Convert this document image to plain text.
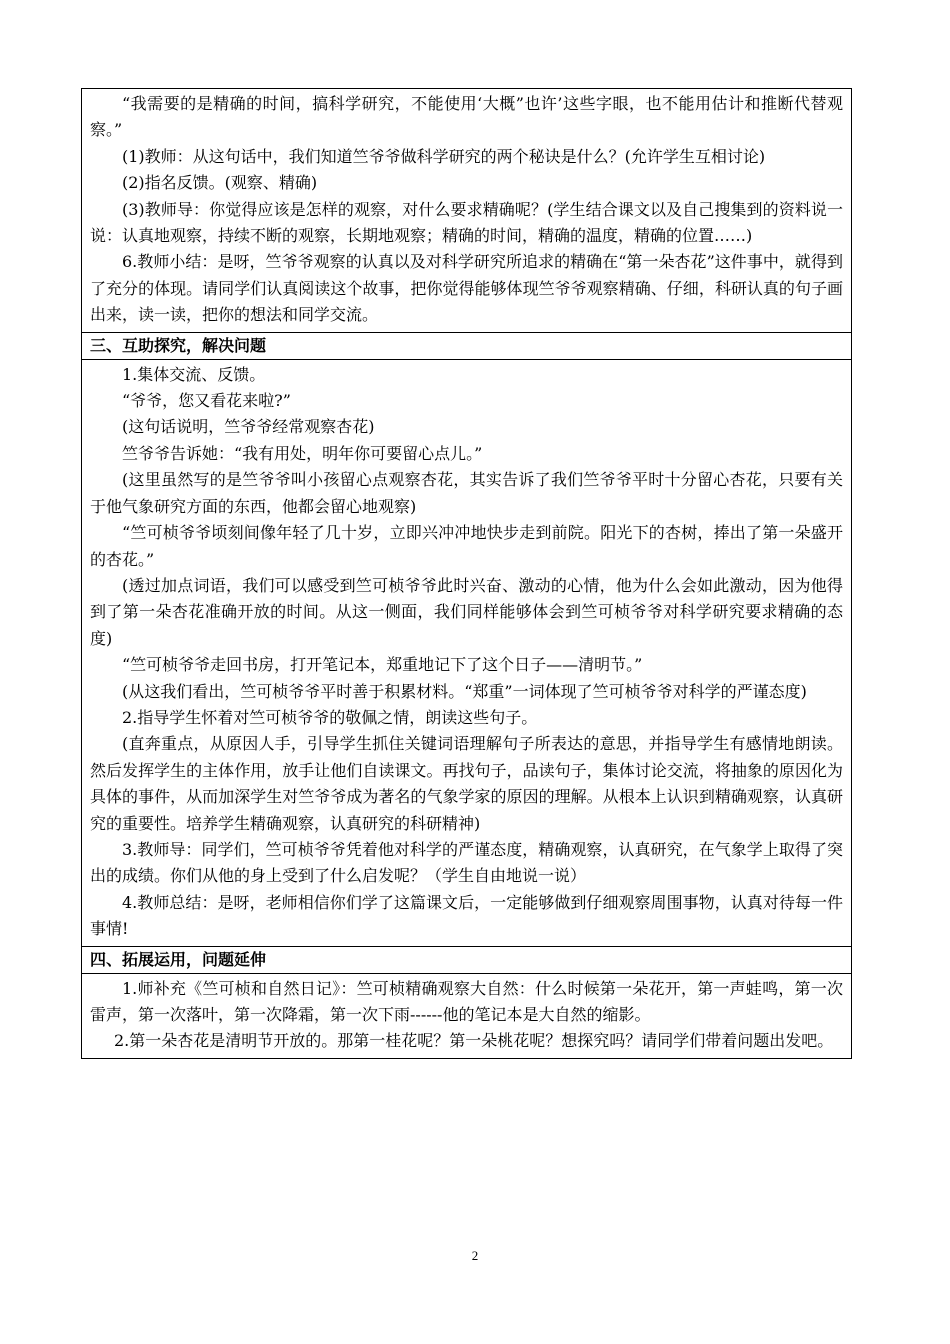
“我需要的是精确的时间，搞科学研究，不能使用‘大概”也许’这些字眼，也不能用估计和推断代替观察。”

(1)教师：从这句话中，我们知道竺爷爷做科学研究的两个秘诀是什么？(允许学生互相讨论)

(2)指名反馈。(观察、精确)

(3)教师导：你觉得应该是怎样的观察，对什么要求精确呢？(学生结合课文以及自己搜集到的资料说一说：认真地观察，持续不断的观察，长期地观察；精确的时间，精确的温度，精确的位置……)

6.教师小结：是呀，竺爷爷观察的认真以及对科学研究所追求的精确在“第一朵杏花”这件事中，就得到了充分的体现。请同学们认真阅读这个故事，把你觉得能够体现竺爷爷观察精确、仔细，科研认真的句子画出来，读一读，把你的想法和同学交流。

三、互助探究，解决问题

1.集体交流、反馈。

“爷爷，您又看花来啦?”

(这句话说明，竺爷爷经常观察杏花)

竺爷爷告诉她：“我有用处，明年你可要留心点儿。”

(这里虽然写的是竺爷爷叫小孩留心点观察杏花，其实告诉了我们竺爷爷平时十分留心杏花，只要有关于他气象研究方面的东西，他都会留心地观察)

“竺可桢爷爷顷刻间像年轻了几十岁，立即兴冲冲地快步走到前院。阳光下的杏树，捧出了第一朵盛开的杏花。”

(透过加点词语，我们可以感受到竺可桢爷爷此时兴奋、激动的心情，他为什么会如此激动，因为他得到了第一朵杏花准确开放的时间。从这一侧面，我们同样能够体会到竺可桢爷爷对科学研究要求精确的态度)

“竺可桢爷爷走回书房，打开笔记本，郑重地记下了这个日子——清明节。”

(从这我们看出，竺可桢爷爷平时善于积累材料。“郑重”一词体现了竺可桢爷爷对科学的严谨态度)

2.指导学生怀着对竺可桢爷爷的敬佩之情，朗读这些句子。

(直奔重点，从原因人手，引导学生抓住关键词语理解句子所表达的意思，并指导学生有感情地朗读。然后发挥学生的主体作用，放手让他们自读课文。再找句子，品读句子，集体讨论交流，将抽象的原因化为具体的事件，从而加深学生对竺爷爷成为著名的气象学家的原因的理解。从根本上认识到精确观察，认真研究的重要性。培养学生精确观察，认真研究的科研精神)

3.教师导：同学们，竺可桢爷爷凭着他对科学的严谨态度，精确观察，认真研究，在气象学上取得了突出的成绩。你们从他的身上受到了什么启发呢？（学生自由地说一说）

4.教师总结：是呀，老师相信你们学了这篇课文后，一定能够做到仔细观察周围事物，认真对待每一件事情!

四、拓展运用，问题延伸

1.师补充《竺可桢和自然日记》：竺可桢精确观察大自然：什么时候第一朵花开，第一声蛙鸣，第一次雷声，第一次落叶，第一次降霜，第一次下雨------他的笔记本是大自然的缩影。

2.第一朵杏花是清明节开放的。那第一桂花呢？第一朵桃花呢？想探究吗？请同学们带着问题出发吧。

2
